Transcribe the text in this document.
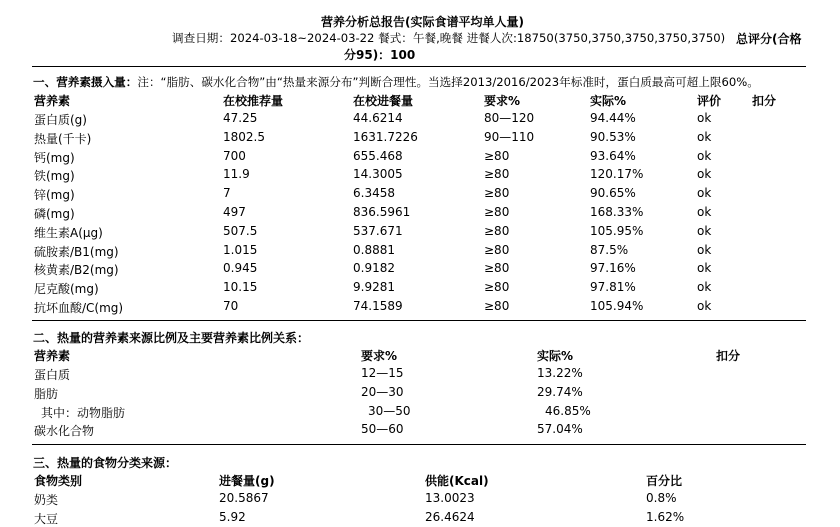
营养分析总报告(实际食谱平均单人量)
调查日期：2024-03-18~2024-03-22 餐式：午餐,晚餐 进餐人次:18750(3750,3750,3750,3750,3750) 总评分(合格
分95)：100
一、营养素摄入量：注：“脂肪、碳水化合物”由“热量来源分布”判断合理性。当选择2013/2016/2023年标准时，蛋白质最高可超上限60%。
营养素	在校推荐量	在校进餐量	要求%	实际%	评价	扣分
蛋白质(g)	47.25	44.6214	80—120	94.44%	ok
热量(千卡)	1802.5	1631.7226	90—110	90.53%	ok
钙(mg)	700	655.468	≥80	93.64%	ok
铁(mg)	11.9	14.3005	≥80	120.17%	ok
锌(mg)	7	6.3458	≥80	90.65%	ok
磷(mg)	497	836.5961	≥80	168.33%	ok
维生素A(μg)	507.5	537.671	≥80	105.95%	ok
硫胺素/B1(mg)	1.015	0.8881	≥80	87.5%	ok
核黄素/B2(mg)	0.945	0.9182	≥80	97.16%	ok
尼克酸(mg)	10.15	9.9281	≥80	97.81%	ok
抗坏血酸/C(mg)	70	74.1589	≥80	105.94%	ok
二、热量的营养素来源比例及主要营养素比例关系：
营养素	要求%	实际%	扣分
蛋白质	12—15	13.22%
脂肪	20—30	29.74%
其中：动物脂肪	30—50	46.85%
碳水化合物	50—60	57.04%
三、热量的食物分类来源：
食物类别	进餐量(g)	供能(Kcal)	百分比
奶类	20.5867	13.0023	0.8%
大豆	5.92	26.4624	1.62%
